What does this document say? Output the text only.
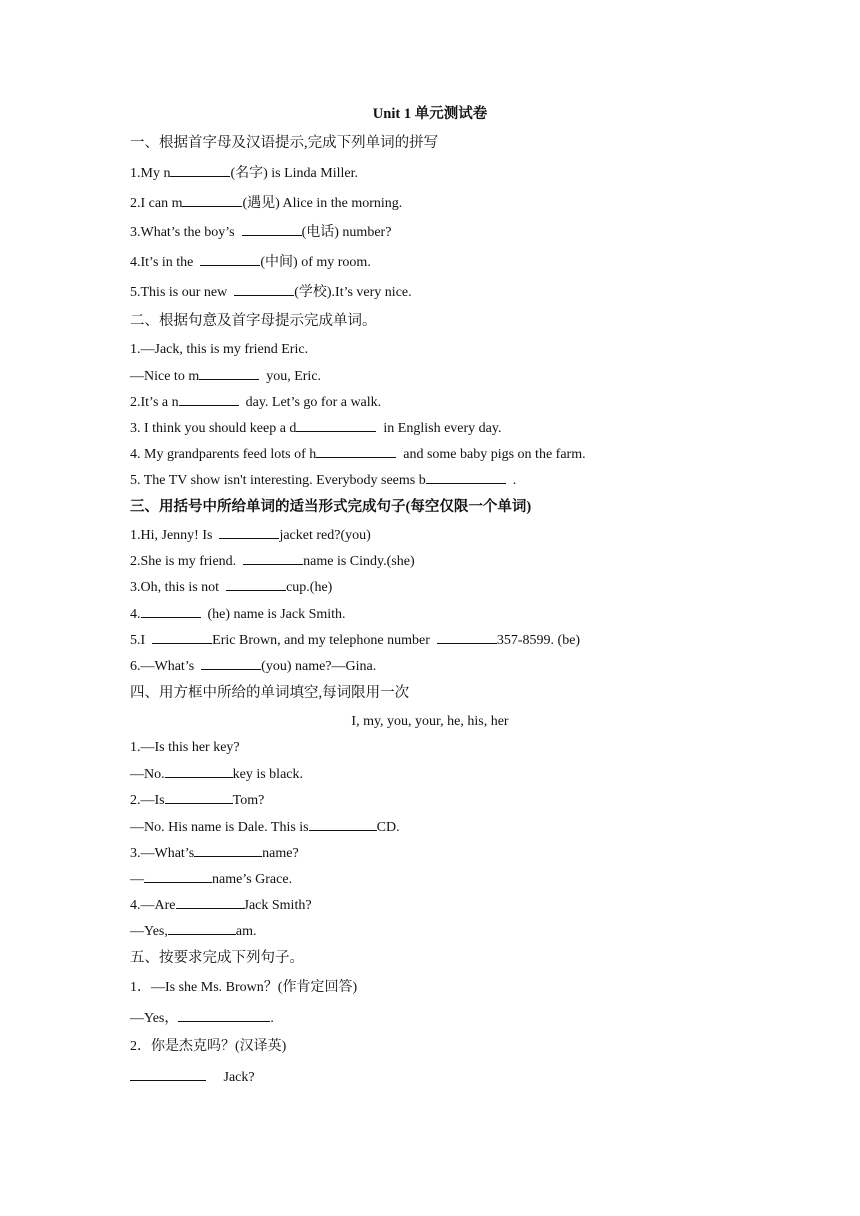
Unit 1 单元测试卷
一、根据首字母及汉语提示,完成下列单词的拼写
1.My n	(名字) is Linda Miller.
2.I can m	(遇见) Alice in the morning.
3.What’s the boy’s	(电话) number?
4.It’s in the	(中间) of my room.
5.This is our new	(学校).It’s very nice.
二、根据句意及首字母提示完成单词。
1.—Jack, this is my friend Eric.
—Nice to m	you, Eric.
2.It’s a n	day. Let’s go for a walk.
3. I think you should keep a d	in English every day.
4. My grandparents feed lots of h	and some baby pigs on the farm.
5. The TV show isn't interesting. Everybody seems b	.
三、用括号中所给单词的适当形式完成句子(每空仅限一个单词)
1.Hi, Jenny! Is	jacket red?(you)
2.She is my friend.	name is Cindy.(she)
3.Oh, this is not	cup.(he)
4.	(he) name is Jack Smith.
5.I	Eric Brown, and my telephone number	357-8599. (be)
6.—What’s	(you) name?—Gina.
四、用方框中所给的单词填空,每词限用一次
I, my, you, your, he, his, her
1.—Is this her key?
—No.	key is black.
2.—Is	Tom?
—No. His name is Dale. This is	CD.
3.—What’s	name?
—	name’s Grace.
4.—Are	Jack Smith?
—Yes,	am.
五、按要求完成下列句子。
1．—Is she Ms. Brown？(作肯定回答)
—Yes，	.
2．你是杰克吗？(汉译英)
Jack?
